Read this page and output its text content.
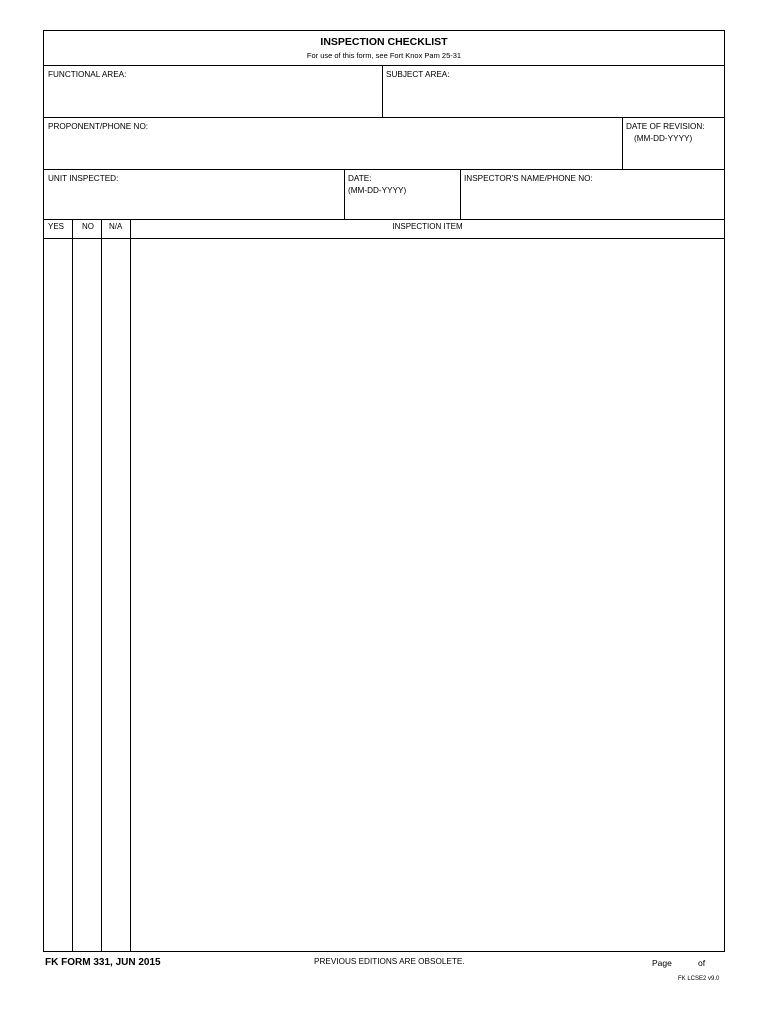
INSPECTION CHECKLIST
For use of this form, see Fort Knox Pam 25-31
FUNCTIONAL AREA:	SUBJECT AREA:
PROPONENT/PHONE NO:	DATE OF REVISION:
(MM-DD-YYYY)
UNIT INSPECTED:	DATE:
(MM-DD-YYYY)
INSPECTOR'S NAME/PHONE NO:
YES NO N/A	INSPECTION ITEM
FK FORM 331, JUN 2015	PREVIOUS EDITIONS ARE OBSOLETE.	Page	of
FK LCSE2 v9.0
